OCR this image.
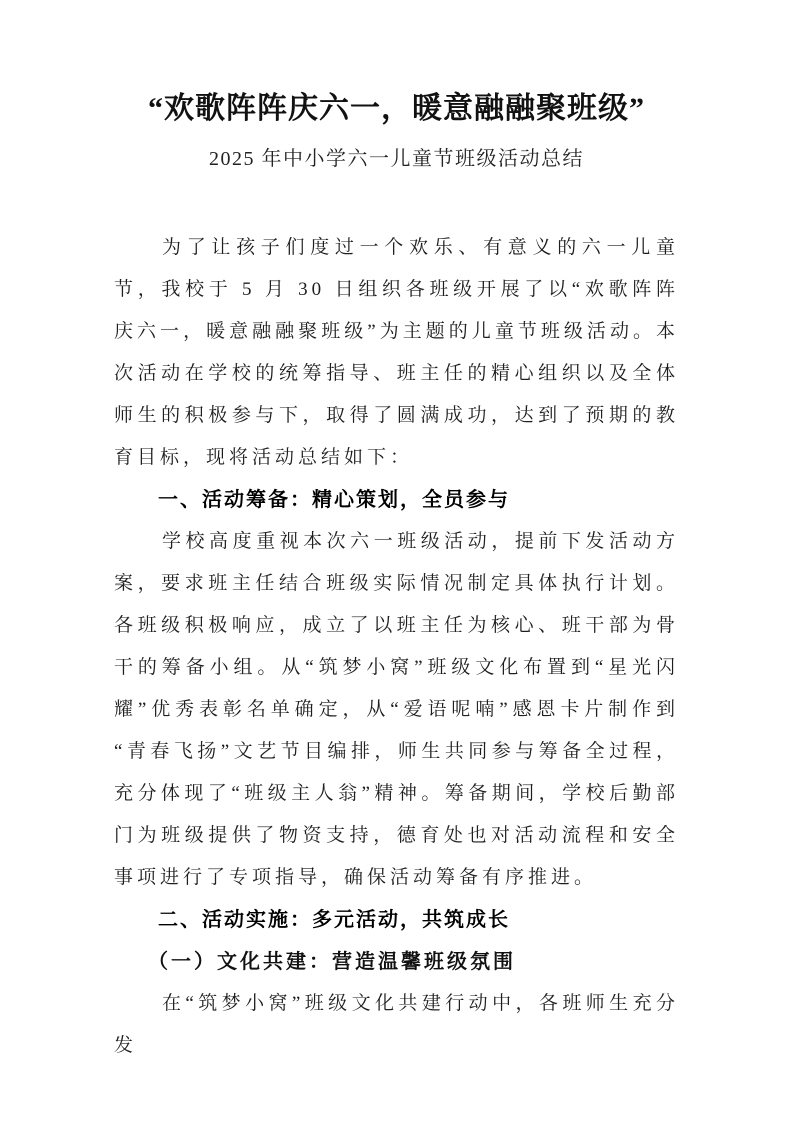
“欢歌阵阵庆六一，暖意融融聚班级”
2025 年中小学六一儿童节班级活动总结

为了让孩子们度过一个欢乐、有意义的六一儿童节，我校于 5 月 30 日组织各班级开展了以“欢歌阵阵庆六一，暖意融融聚班级”为主题的儿童节班级活动。本次活动在学校的统筹指导、班主任的精心组织以及全体师生的积极参与下，取得了圆满成功，达到了预期的教育目标，现将活动总结如下：

一、活动筹备：精心策划，全员参与

学校高度重视本次六一班级活动，提前下发活动方案，要求班主任结合班级实际情况制定具体执行计划。各班级积极响应，成立了以班主任为核心、班干部为骨干的筹备小组。从“筑梦小窝”班级文化布置到“星光闪耀”优秀表彰名单确定，从“爱语呢喃”感恩卡片制作到“青春飞扬”文艺节目编排，师生共同参与筹备全过程，充分体现了“班级主人翁”精神。筹备期间，学校后勤部门为班级提供了物资支持，德育处也对活动流程和安全事项进行了专项指导，确保活动筹备有序推进。

二、活动实施：多元活动，共筑成长

（一）文化共建：营造温馨班级氛围

在“筑梦小窝”班级文化共建行动中，各班师生充分发
